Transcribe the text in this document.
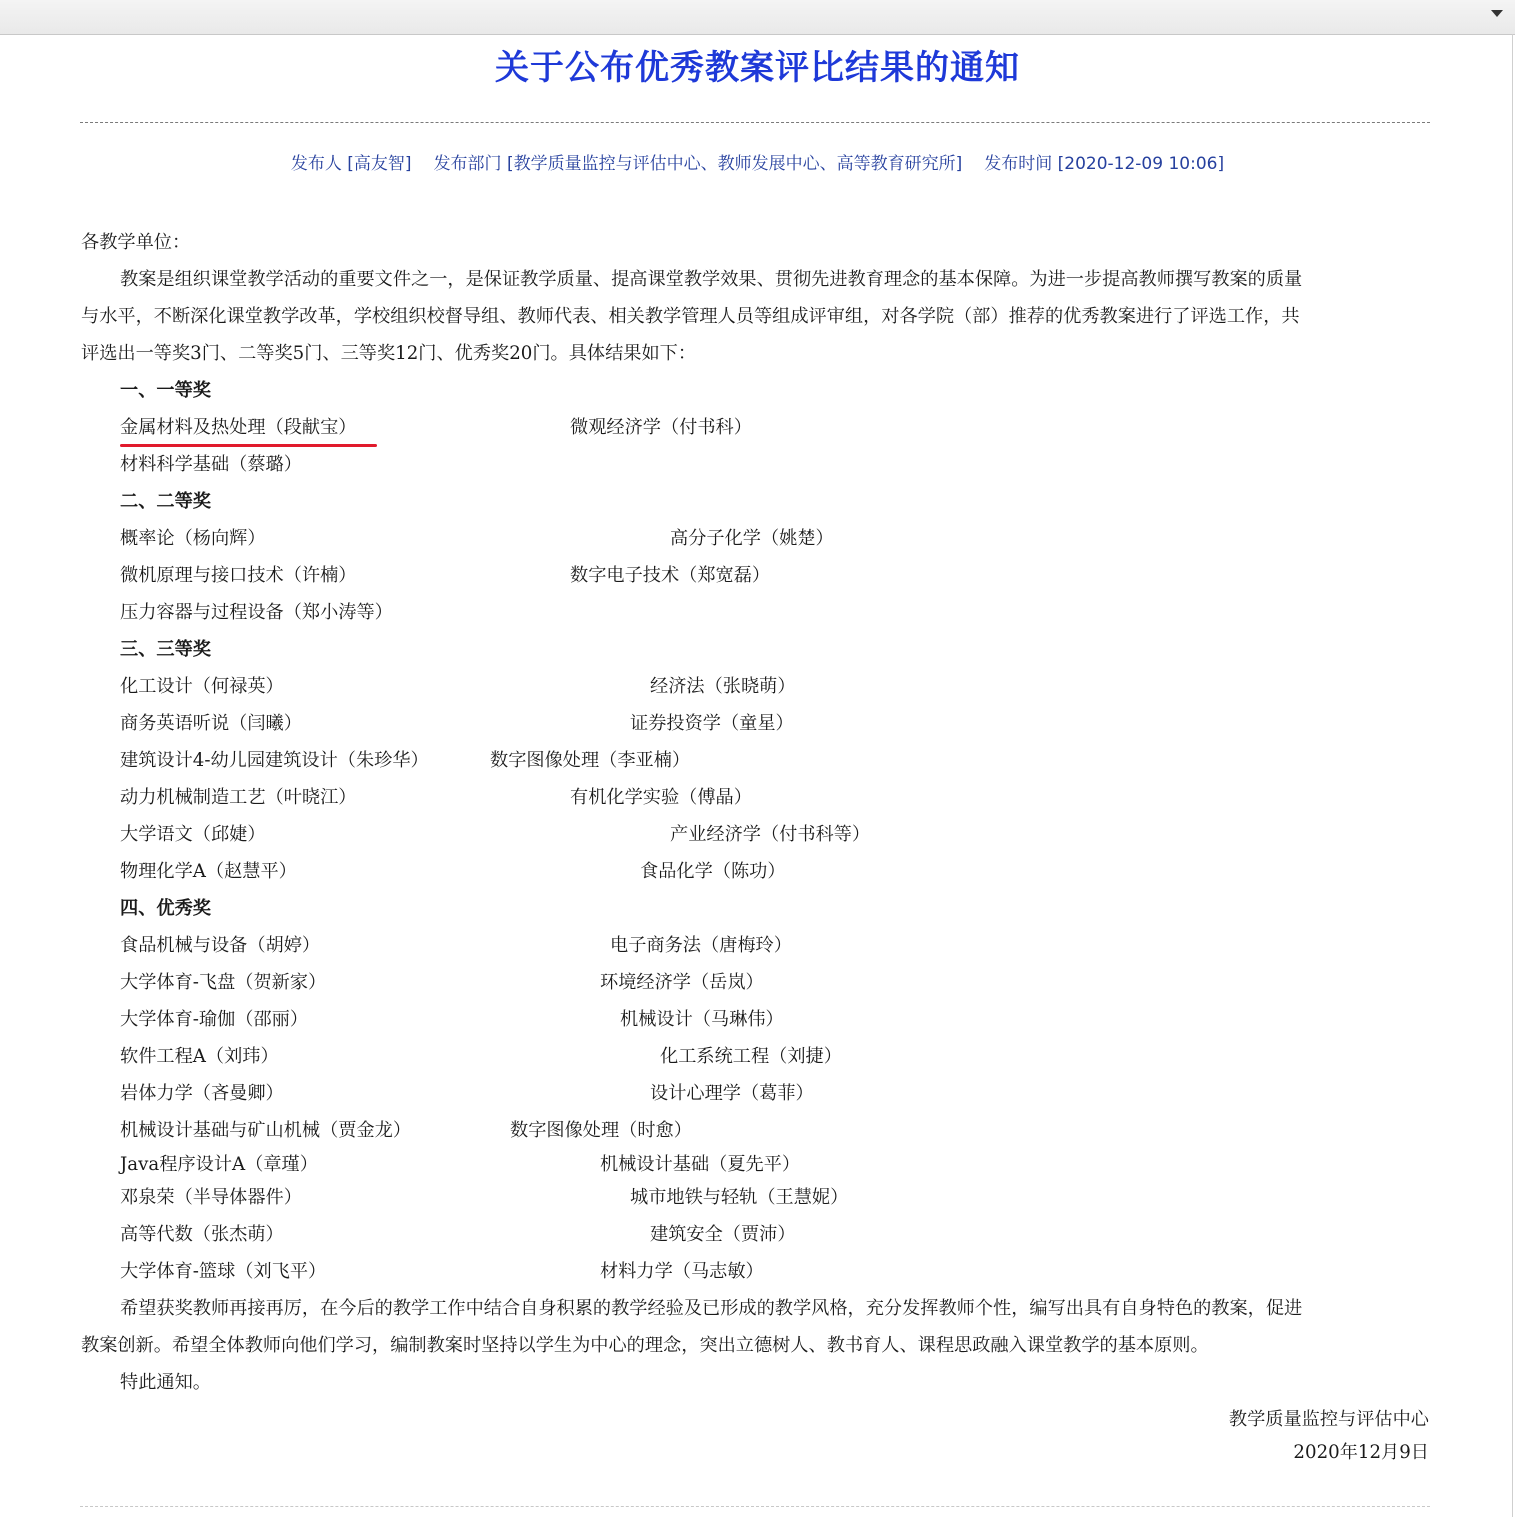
关于公布优秀教案评比结果的通知
发布人 [高友智] 发布部门 [教学质量监控与评估中心、教师发展中心、高等教育研究所] 发布时间 [2020-12-09 10:06]
各教学单位：
教案是组织课堂教学活动的重要文件之一，是保证教学质量、提高课堂教学效果、贯彻先进教育理念的基本保障。为进一步提高教师撰写教案的质量
与水平，不断深化课堂教学改革，学校组织校督导组、教师代表、相关教学管理人员等组成评审组，对各学院（部）推荐的优秀教案进行了评选工作，共
评选出一等奖3门、二等奖5门、三等奖12门、优秀奖20门。具体结果如下：
一、一等奖
金属材料及热处理（段献宝）	微观经济学（付书科）
材料科学基础（蔡璐）
二、二等奖
概率论（杨向辉）	高分子化学（姚楚）
微机原理与接口技术（许楠）	数字电子技术（郑宽磊）
压力容器与过程设备（郑小涛等）
三、三等奖
化工设计（何禄英）	经济法（张晓萌）
商务英语听说（闫曦）	证券投资学（童星）
建筑设计4-幼儿园建筑设计（朱珍华）	数字图像处理（李亚楠）
动力机械制造工艺（叶晓江）	有机化学实验（傅晶）
大学语文（邱婕）	产业经济学（付书科等）
物理化学A（赵慧平）	食品化学（陈功）
四、优秀奖
食品机械与设备（胡婷）	电子商务法（唐梅玲）
大学体育-飞盘（贺新家）	环境经济学（岳岚）
大学体育-瑜伽（邵丽）	机械设计（马琳伟）
软件工程A（刘玮）	化工系统工程（刘捷）
岩体力学（吝曼卿）	设计心理学（葛菲）
机械设计基础与矿山机械（贾金龙）	数字图像处理（时愈）
Java程序设计A（章瑾）	机械设计基础（夏先平）
邓泉荣（半导体器件）	城市地铁与轻轨（王慧妮）
高等代数（张杰萌）	建筑安全（贾沛）
大学体育-篮球（刘飞平）	材料力学（马志敏）
希望获奖教师再接再厉，在今后的教学工作中结合自身积累的教学经验及已形成的教学风格，充分发挥教师个性，编写出具有自身特色的教案，促进
教案创新。希望全体教师向他们学习，编制教案时坚持以学生为中心的理念，突出立德树人、教书育人、课程思政融入课堂教学的基本原则。
特此通知。
教学质量监控与评估中心
2020年12月9日
